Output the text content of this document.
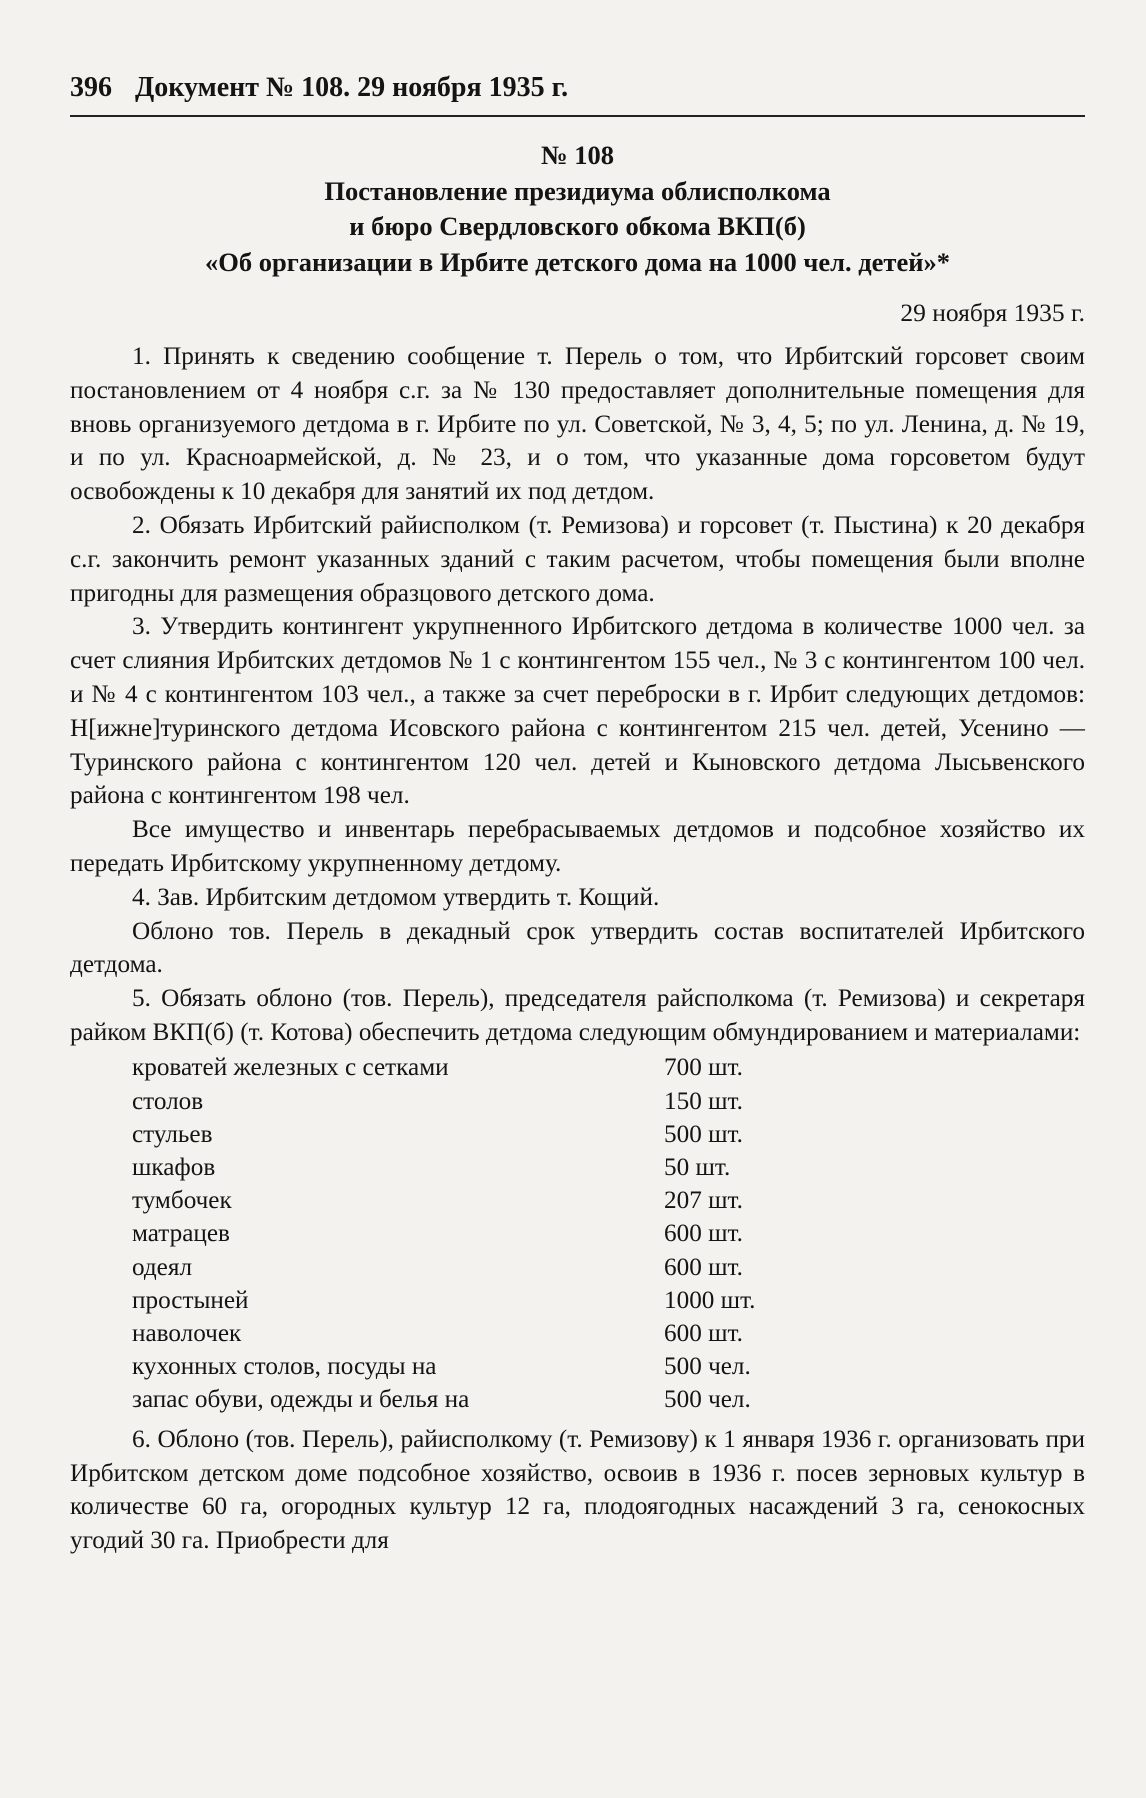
396 Документ № 108. 29 ноября 1935 г.
№ 108
Постановление президиума облисполкома
и бюро Свердловского обкома ВКП(б)
«Об организации в Ирбите детского дома на 1000 чел. детей»*
29 ноября 1935 г.

1. Принять к сведению сообщение т. Перель о том, что Ирбитский горсовет своим постановлением от 4 ноября с.г. за № 130 предоставляет дополнительные помещения для вновь организуемого детдома в г. Ирбите по ул. Советской, № 3, 4, 5; по ул. Ленина, д. № 19, и по ул. Красноармейской, д. № 23, и о том, что указанные дома горсоветом будут освобождены к 10 декабря для занятий их под детдом.

2. Обязать Ирбитский райисполком (т. Ремизова) и горсовет (т. Пыстина) к 20 декабря с.г. закончить ремонт указанных зданий с таким расчетом, чтобы помещения были вполне пригодны для размещения образцового детского дома.

3. Утвердить контингент укрупненного Ирбитского детдома в количестве 1000 чел. за счет слияния Ирбитских детдомов № 1 с контингентом 155 чел., № 3 с контингентом 100 чел. и № 4 с контингентом 103 чел., а также за счет переброски в г. Ирбит следующих детдомов: Н[ижне]туринского детдома Исовского района с контингентом 215 чел. детей, Усенино — Туринского района с контингентом 120 чел. детей и Кыновского детдома Лысьвенского района с контингентом 198 чел.

Все имущество и инвентарь перебрасываемых детдомов и подсобное хозяйство их передать Ирбитскому укрупненному детдому.

4. Зав. Ирбитским детдомом утвердить т. Кощий.

Облоно тов. Перель в декадный срок утвердить состав воспитателей Ирбитского детдома.

5. Обязать облоно (тов. Перель), председателя райсполкома (т. Ремизова) и секретаря райком ВКП(б) (т. Котова) обеспечить детдома следующим обмундированием и материалами:

кроватей железных с сетками	700 шт.
столов	150 шт.
стульев	500 шт.
шкафов	50 шт.
тумбочек	207 шт.
матрацев	600 шт.
одеял	600 шт.
простыней	1000 шт.
наволочек	600 шт.
кухонных столов, посуды на	500 чел.
запас обуви, одежды и белья на	500 чел.

6. Облоно (тов. Перель), райисполкому (т. Ремизову) к 1 января 1936 г. организовать при Ирбитском детском доме подсобное хозяйство, освоив в 1936 г. посев зерновых культур в количестве 60 га, огородных культур 12 га, плодоягодных насаждений 3 га, сенокосных угодий 30 га. Приобрести для
